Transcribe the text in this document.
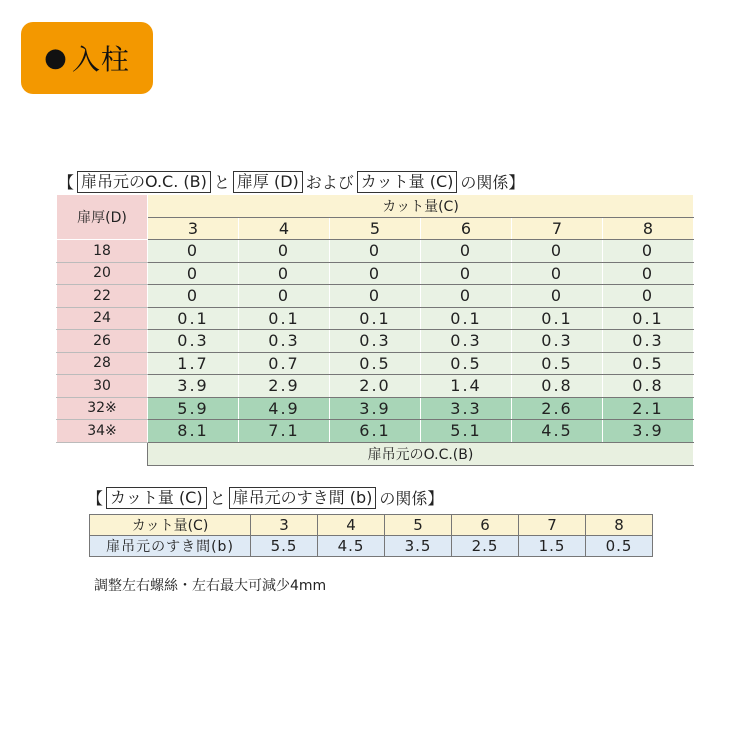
● 入柱
【 扉吊元のO.C. (B) と 扉厚 (D) および カット量 (C) の関係】
扉厚(D)	カット量(C)					
	3	4	5	6	7	8
18	0	0	0	0	0	0
20	0	0	0	0	0	0
22	0	0	0	0	0	0
24	0.1	0.1	0.1	0.1	0.1	0.1
26	0.3	0.3	0.3	0.3	0.3	0.3
28	1.7	0.7	0.5	0.5	0.5	0.5
30	3.9	2.9	2.0	1.4	0.8	0.8
32※	5.9	4.9	3.9	3.3	2.6	2.1
34※	8.1	7.1	6.1	5.1	4.5	3.9
	扉吊元のO.C.(B)					
【 カット量 (C) と 扉吊元のすき間 (b) の関係】
カット量(C)	3	4	5	6	7	8
扉吊元のすき間(b)	5.5	4.5	3.5	2.5	1.5	0.5
調整左右螺絲・左右最大可減少4mm
